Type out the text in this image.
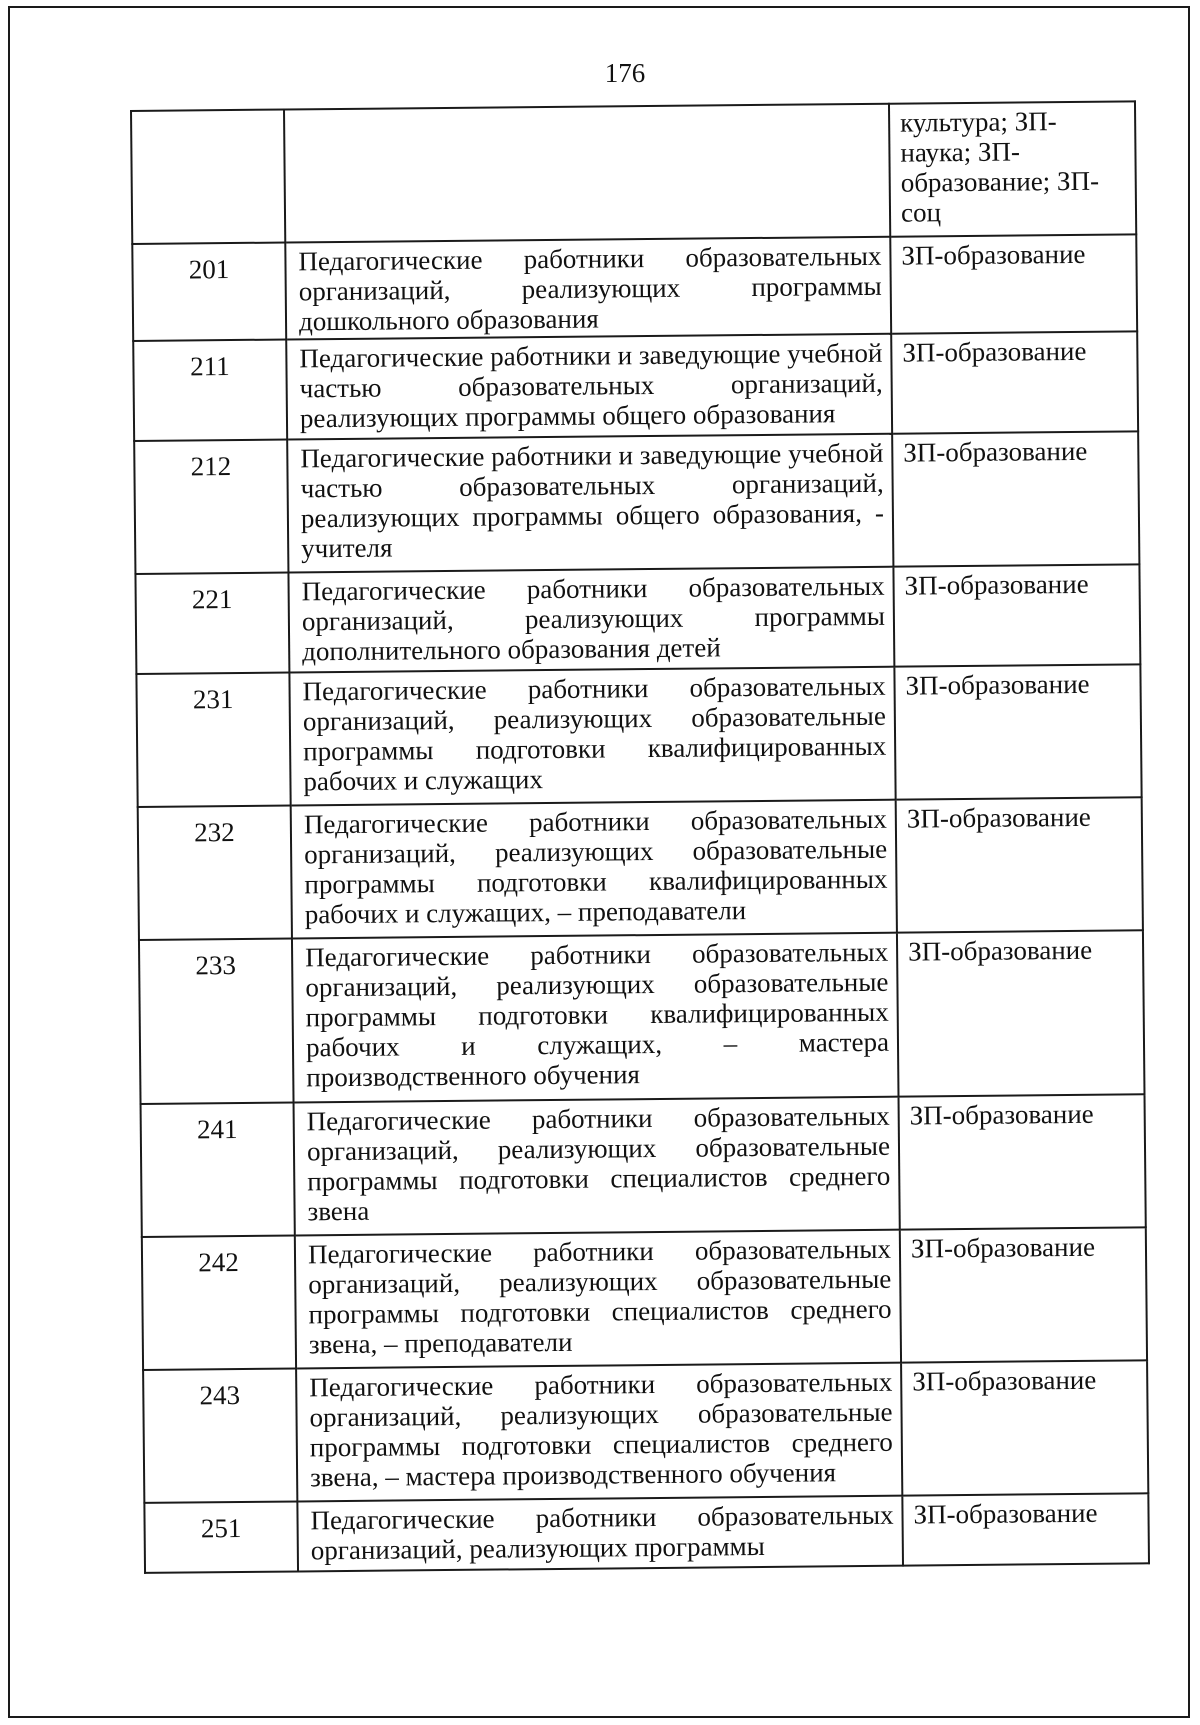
176
		культура; ЗП-наука; ЗП-образование; ЗП-соц
201	Педагогические работники образовательных организаций, реализующих программы дошкольного образования	ЗП-образование
211	Педагогические работники и заведующие учебной частью образовательных организаций, реализующих программы общего образования	ЗП-образование
212	Педагогические работники и заведующие учебной частью образовательных организаций, реализующих программы общего образования, - учителя	ЗП-образование
221	Педагогические работники образовательных организаций, реализующих программы дополнительного образования детей	ЗП-образование
231	Педагогические работники образовательных организаций, реализующих образовательные программы подготовки квалифицированных рабочих и служащих	ЗП-образование
232	Педагогические работники образовательных организаций, реализующих образовательные программы подготовки квалифицированных рабочих и служащих, – преподаватели	ЗП-образование
233	Педагогические работники образовательных организаций, реализующих образовательные программы подготовки квалифицированных рабочих и служащих, – мастера производственного обучения	ЗП-образование
241	Педагогические работники образовательных организаций, реализующих образовательные программы подготовки специалистов среднего звена	ЗП-образование
242	Педагогические работники образовательных организаций, реализующих образовательные программы подготовки специалистов среднего звена, – преподаватели	ЗП-образование
243	Педагогические работники образовательных организаций, реализующих образовательные программы подготовки специалистов среднего звена, – мастера производственного обучения	ЗП-образование
251	Педагогические работники образовательных организаций, реализующих программы	ЗП-образование
